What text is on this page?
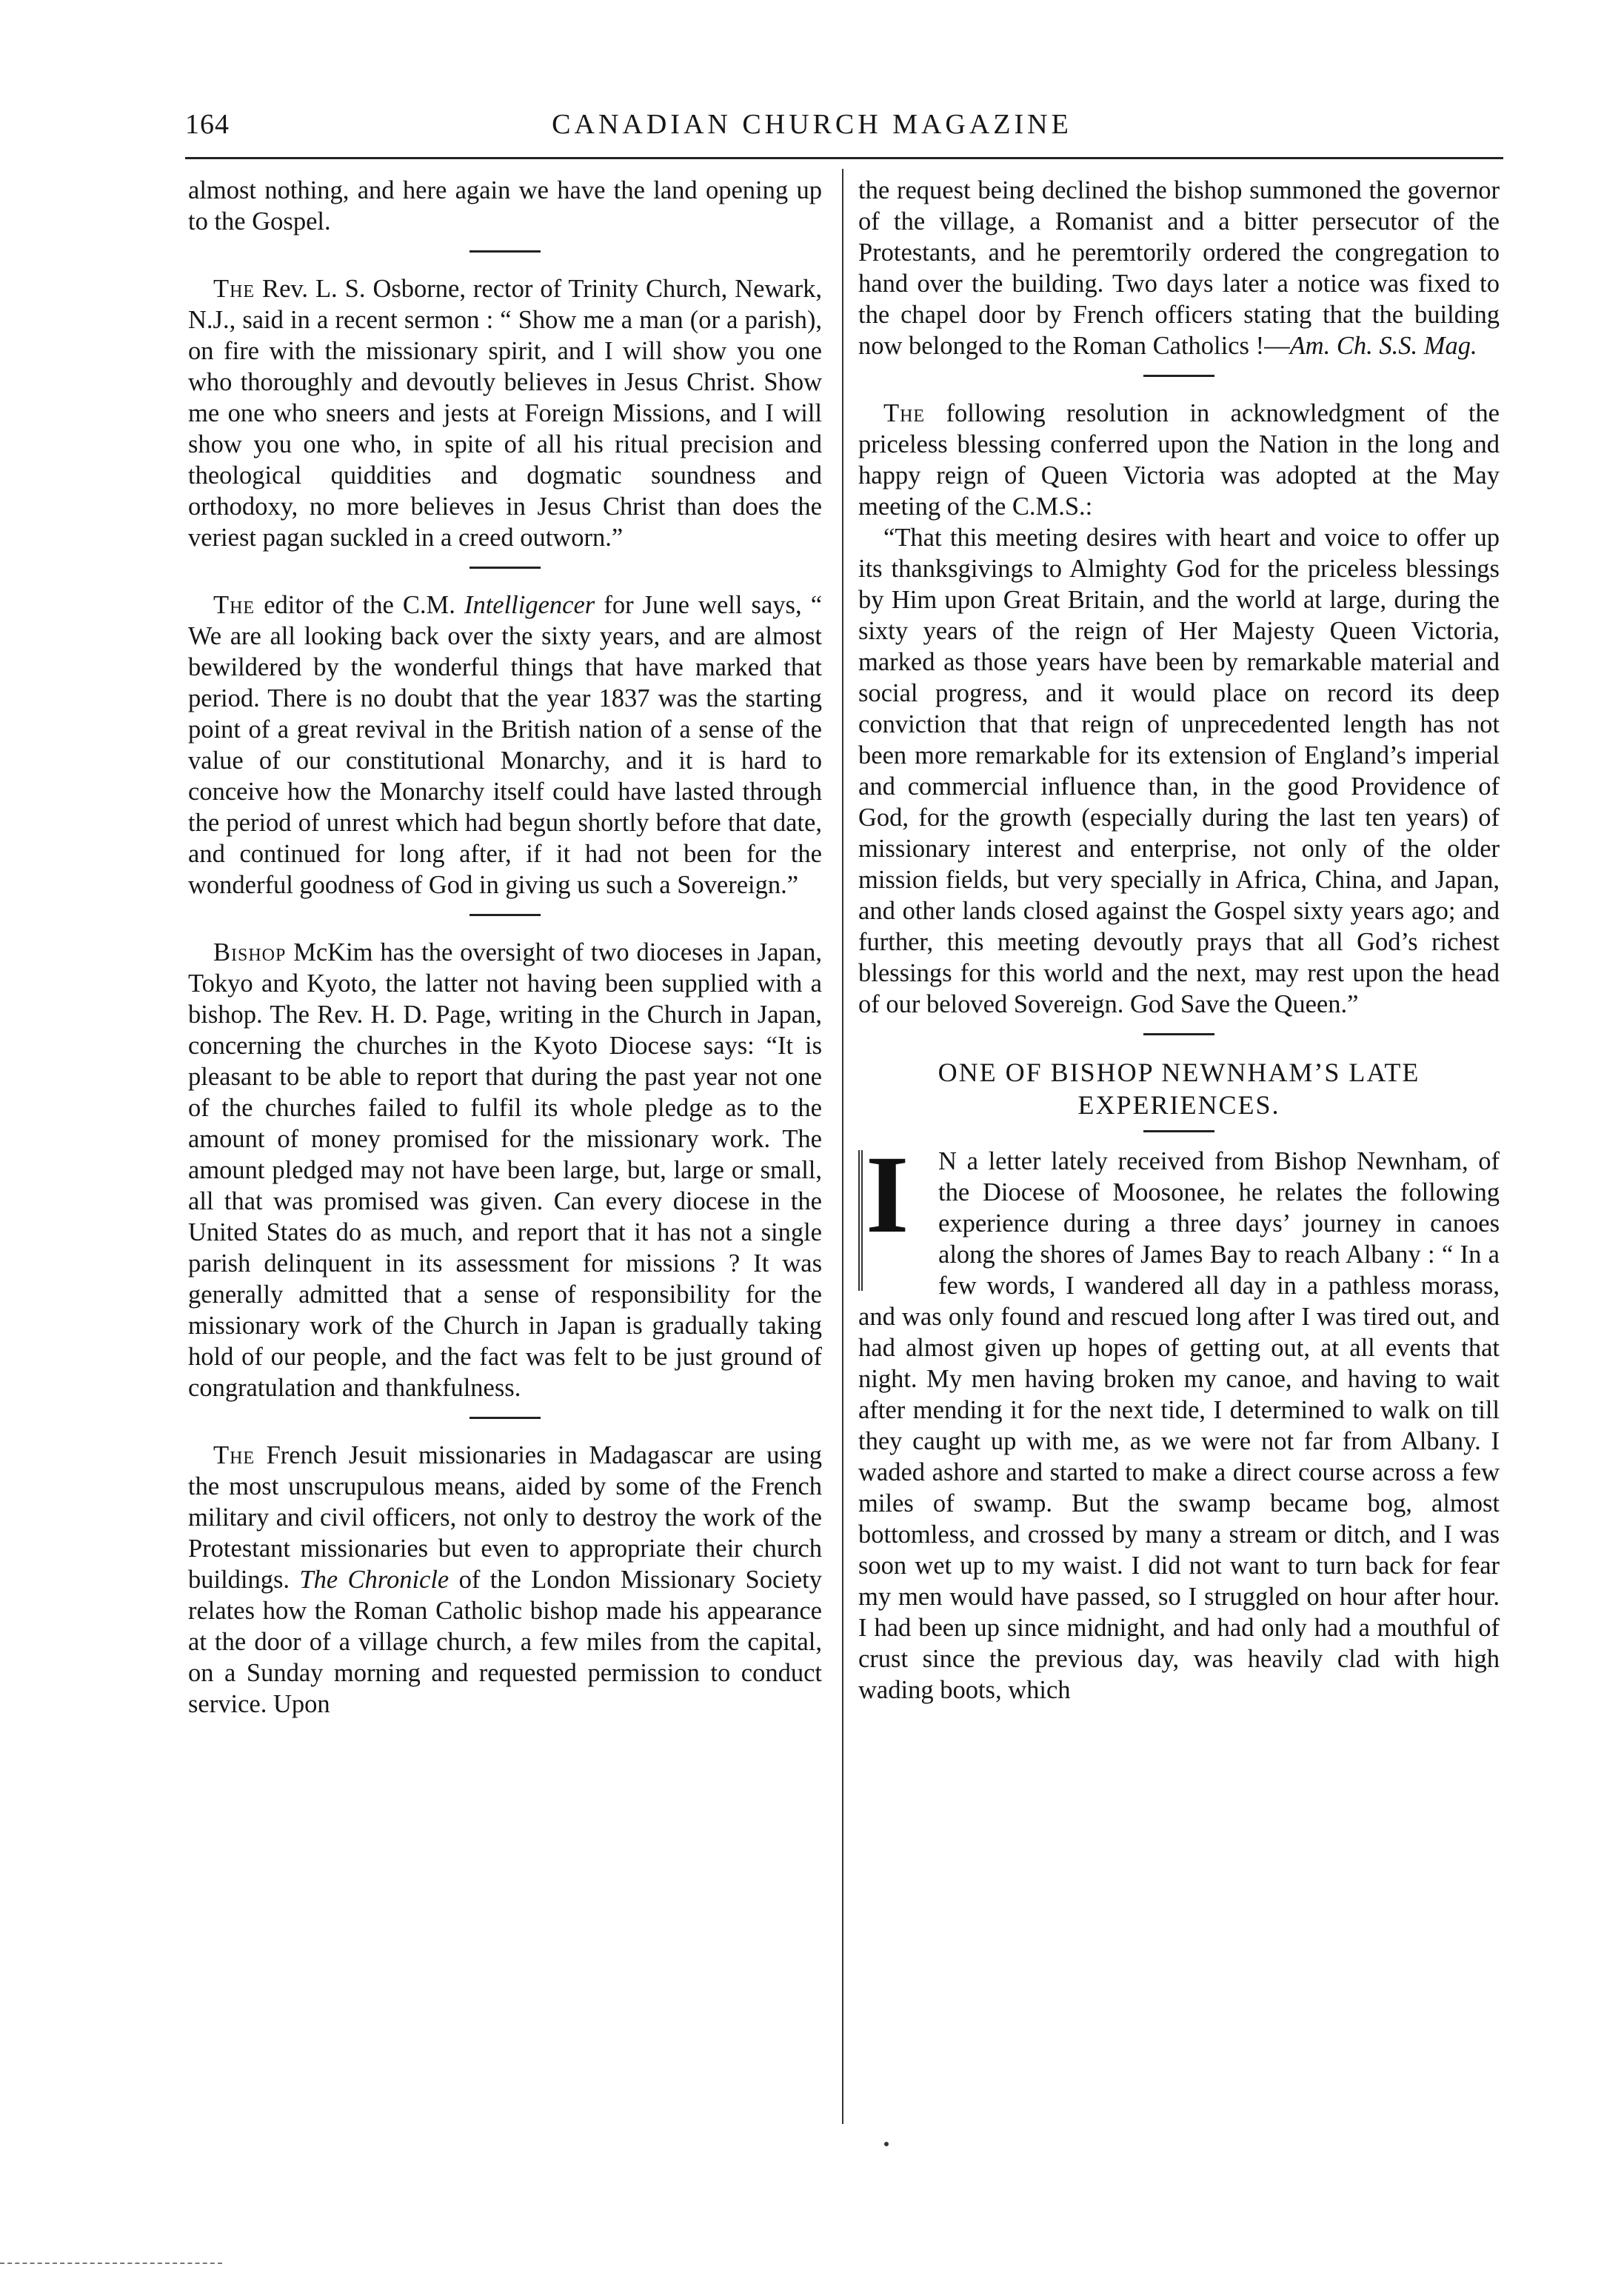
164	CANADIAN CHURCH MAGAZINE

almost nothing, and here again we have the land opening up to the Gospel.

The Rev. L. S. Osborne, rector of Trinity Church, Newark, N.J., said in a recent sermon : “ Show me a man (or a parish), on fire with the missionary spirit, and I will show you one who thoroughly and devoutly believes in Jesus Christ. Show me one who sneers and jests at Foreign Missions, and I will show you one who, in spite of all his ritual precision and theological quiddities and dogmatic soundness and orthodoxy, no more believes in Jesus Christ than does the veriest pagan suckled in a creed outworn.”

The editor of the C.M. Intelligencer for June well says, “ We are all looking back over the sixty years, and are almost bewildered by the wonderful things that have marked that period. There is no doubt that the year 1837 was the starting point of a great revival in the British nation of a sense of the value of our constitutional Monarchy, and it is hard to conceive how the Monarchy itself could have lasted through the period of unrest which had begun shortly before that date, and continued for long after, if it had not been for the wonderful goodness of God in giving us such a Sovereign.”

Bishop McKim has the oversight of two dioceses in Japan, Tokyo and Kyoto, the latter not having been supplied with a bishop. The Rev. H. D. Page, writing in the Church in Japan, concerning the churches in the Kyoto Diocese says: “It is pleasant to be able to report that during the past year not one of the churches failed to fulfil its whole pledge as to the amount of money promised for the missionary work. The amount pledged may not have been large, but, large or small, all that was promised was given. Can every diocese in the United States do as much, and report that it has not a single parish delinquent in its assessment for missions ? It was generally admitted that a sense of responsibility for the missionary work of the Church in Japan is gradually taking hold of our people, and the fact was felt to be just ground of congratulation and thankfulness.

The French Jesuit missionaries in Madagascar are using the most unscrupulous means, aided by some of the French military and civil officers, not only to destroy the work of the Protestant missionaries but even to appropriate their church buildings. The Chronicle of the London Missionary Society relates how the Roman Catholic bishop made his appearance at the door of a village church, a few miles from the capital, on a Sunday morning and requested permission to conduct service. Upon

the request being declined the bishop summoned the governor of the village, a Romanist and a bitter persecutor of the Protestants, and he peremtorily ordered the congregation to hand over the building. Two days later a notice was fixed to the chapel door by French officers stating that the building now belonged to the Roman Catholics !—Am. Ch. S.S. Mag.

The following resolution in acknowledgment of the priceless blessing conferred upon the Nation in the long and happy reign of Queen Victoria was adopted at the May meeting of the C.M.S.:

“That this meeting desires with heart and voice to offer up its thanksgivings to Almighty God for the priceless blessings by Him upon Great Britain, and the world at large, during the sixty years of the reign of Her Majesty Queen Victoria, marked as those years have been by remarkable material and social progress, and it would place on record its deep conviction that that reign of unprecedented length has not been more remarkable for its extension of England’s imperial and commercial influence than, in the good Providence of God, for the growth (especially during the last ten years) of missionary interest and enterprise, not only of the older mission fields, but very specially in Africa, China, and Japan, and other lands closed against the Gospel sixty years ago; and further, this meeting devoutly prays that all God’s richest blessings for this world and the next, may rest upon the head of our beloved Sovereign. God Save the Queen.”

ONE OF BISHOP NEWNHAM’S LATE EXPERIENCES.

I	N a letter lately received from Bishop Newnham, of the Diocese of Moosonee, he relates the following experience during a three days’ journey in canoes along the shores of James Bay to reach Albany : “ In a few words, I wandered all day in a pathless morass, and was only found and rescued long after I was tired out, and had almost given up hopes of getting out, at all events that night. My men having broken my canoe, and having to wait after mending it for the next tide, I determined to walk on till they caught up with me, as we were not far from Albany. I waded ashore and started to make a direct course across a few miles of swamp. But the swamp became bog, almost bottomless, and crossed by many a stream or ditch, and I was soon wet up to my waist. I did not want to turn back for fear my men would have passed, so I struggled on hour after hour. I had been up since midnight, and had only had a mouthful of crust since the previous day, was heavily clad with high wading boots, which
